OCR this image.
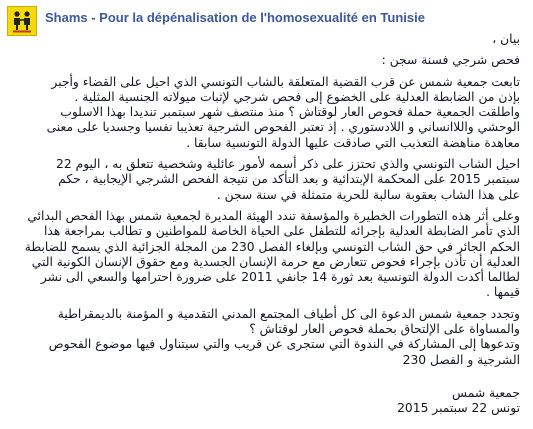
Shams - Pour la dépénalisation de l'homosexualité en Tunisie
بيان ،
فحص شرجي فسنة سجن :
تابعت جمعية شمس عن قرب القضية المتعلقة بالشاب التونسي الذي احيل على القضاء وأجبر
بإذن من الضابطة العدلية على الخضوع إلى فحص شرجي لإثبات ميولاته الجنسية المثلية .
واطلقت الجمعية حملة فحوص العار لوقتاش ؟ منذ منتصف شهر سبتمبر تنديدا بهذا الاسلوب
الوحشي واللاانساني و اللادستوري . إذ تعتبر الفحوص الشرجية تعذيبا نفسيا وجسديا على معنى
معاهدة مناهضة التعذيب التي صادقت عليها الدولة التونسية سابقا .
احيل الشاب التونسي والذي تحتزز على ذكر أسمه لأمور عائلية وشخصية تتعلق به ، اليوم 22
سبتمبر 2015 على المحكمة الإبتدائية و بعد التأكد من نتيجة الفحص الشرجي الإيجابية ، حكم
على هذا الشاب بعقوبة سالبة للحرية متمثلة في سنة سجن .
وعلى أثر هذه التطورات الخطيرة والمؤسفة تندد الهيئة المديرة لجمعية شمس بهذا الفحص البدائي
الذي تأمر الضابطة العدلية بإجرائه للتطفل على الحياة الخاصة للمواطنين و تطالب بمراجعة هذا
الحكم الجائر في حق الشاب التونسي وبإلغاء الفصل 230 من المجلة الجزائية الذي يسمح للضابطة
العدلية أن تأذن بإجراء فحوص تتعارض مع حرمة الإنسان الجسدية ومع حقوق الإنسان الكونية التي
لطالما أكدت الدولة التونسية بعد ثورة 14 جانفي 2011 على ضرورة احترامها والسعي الى نشر
قيمها .
وتجدد جمعية شمس الدعوة الى كل أطياف المجتمع المدني التقدمية و المؤمنة بالديمقراطية
والمساواة على الإلتحاق بحملة فحوص العار لوقتاش ؟
وتدعوها إلى المشاركة في الندوة التي ستجرى عن قريب والتي سيتناول فيها موضوع الفحوص
الشرجية و الفصل 230
جمعية شمس
تونس 22 سبتمبر 2015
